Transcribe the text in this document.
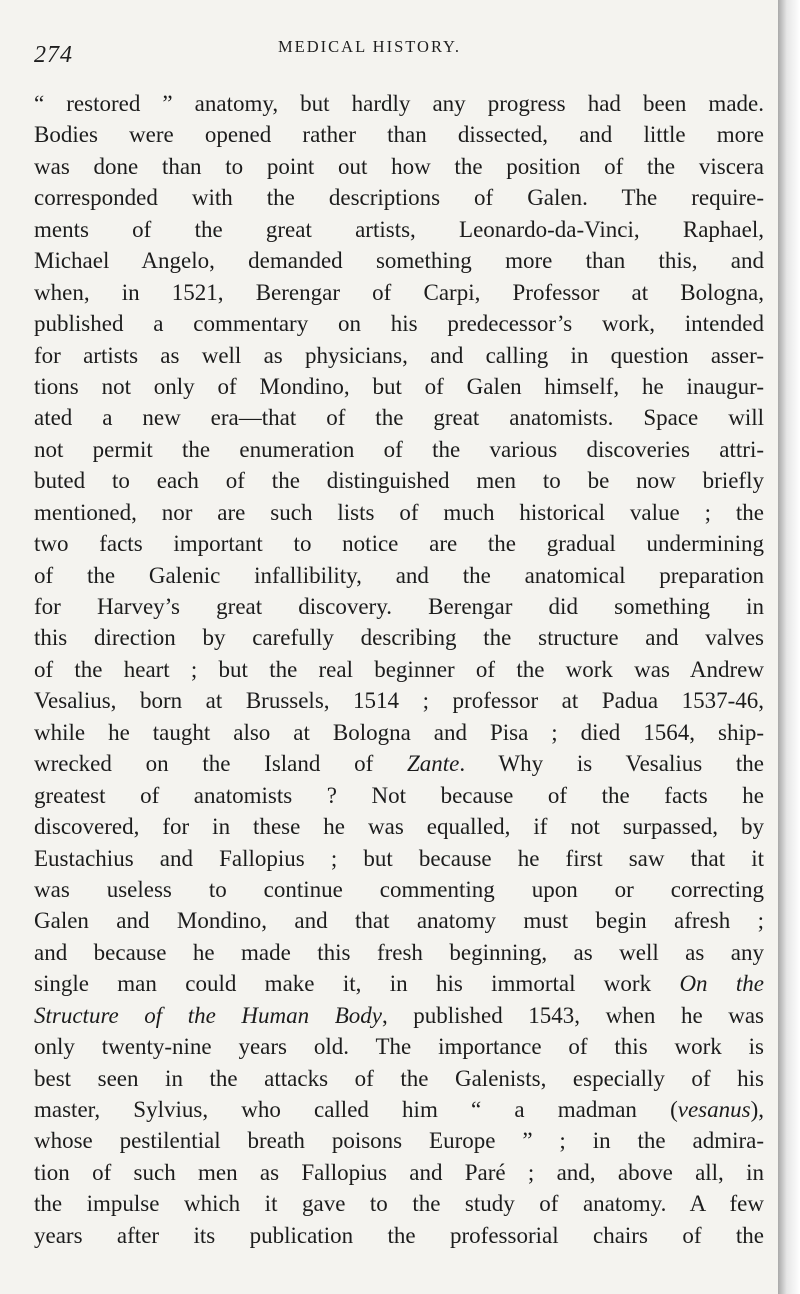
274	MEDICAL HISTORY.
“ restored ” anatomy, but hardly any progress had been made.
Bodies were opened rather than dissected, and little more
was done than to point out how the position of the viscera
corresponded with the descriptions of Galen. The require-
ments of the great artists, Leonardo-da-Vinci, Raphael,
Michael Angelo, demanded something more than this, and
when, in 1521, Berengar of Carpi, Professor at Bologna,
published a commentary on his predecessor’s work, intended
for artists as well as physicians, and calling in question asser-
tions not only of Mondino, but of Galen himself, he inaugur-
ated a new era—that of the great anatomists. Space will
not permit the enumeration of the various discoveries attri-
buted to each of the distinguished men to be now briefly
mentioned, nor are such lists of much historical value ; the
two facts important to notice are the gradual undermining
of the Galenic infallibility, and the anatomical preparation
for Harvey’s great discovery. Berengar did something in
this direction by carefully describing the structure and valves
of the heart ; but the real beginner of the work was Andrew
Vesalius, born at Brussels, 1514 ; professor at Padua 1537-46,
while he taught also at Bologna and Pisa ; died 1564, ship-
wrecked on the Island of Zante. Why is Vesalius the
greatest of anatomists ? Not because of the facts he
discovered, for in these he was equalled, if not surpassed, by
Eustachius and Fallopius ; but because he first saw that it
was useless to continue commenting upon or correcting
Galen and Mondino, and that anatomy must begin afresh ;
and because he made this fresh beginning, as well as any
single man could make it, in his immortal work On the
Structure of the Human Body, published 1543, when he was
only twenty-nine years old. The importance of this work is
best seen in the attacks of the Galenists, especially of his
master, Sylvius, who called him “ a madman (vesanus),
whose pestilential breath poisons Europe ” ; in the admira-
tion of such men as Fallopius and Paré ; and, above all, in
the impulse which it gave to the study of anatomy. A few
years after its publication the professorial chairs of the
